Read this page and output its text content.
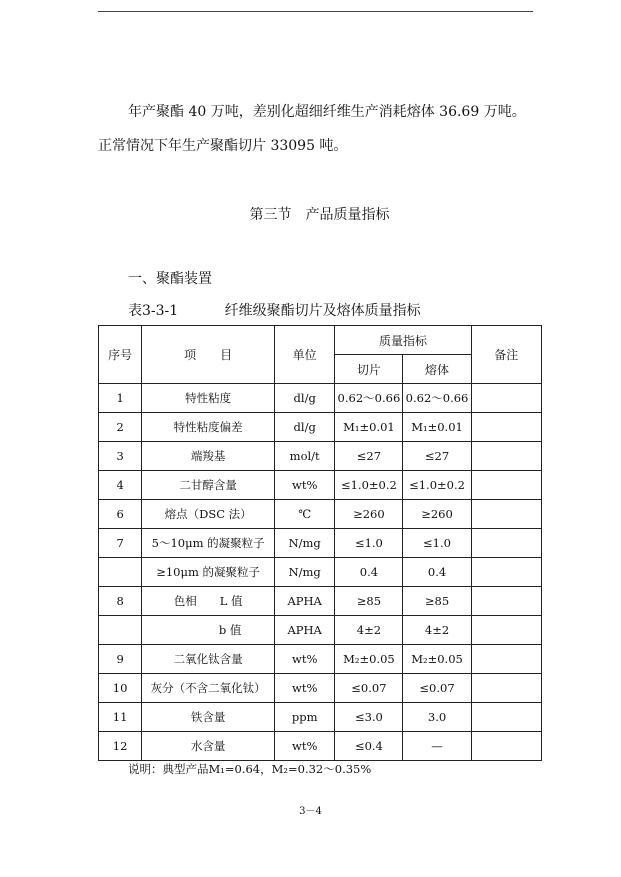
年产聚酯 40 万吨，差别化超细纤维生产消耗熔体 36.69 万吨。
正常情况下年生产聚酯切片 33095 吨。
第三节　产品质量指标
一、聚酯装置
表3-3-1	纤维级聚酯切片及熔体质量指标
序号	项　　目	单位	质量指标		备注
			切片	熔体	
1	特性粘度	dl/g	0.62～0.66	0.62～0.66	
2	特性粘度偏差	dl/g	M₁±0.01	M₁±0.01	
3	端羧基	mol/t	≤27	≤27	
4	二甘醇含量	wt%	≤1.0±0.2	≤1.0±0.2	
6	熔点（DSC 法）	℃	≥260	≥260	
7	5～10μm 的凝聚粒子	N/mg	≤1.0	≤1.0	
	≥10μm 的凝聚粒子	N/mg	0.4	0.4	
8	色相　　L 值	APHA	≥85	≥85	
	b 值	APHA	4±2	4±2	
9	二氧化钛含量	wt%	M₂±0.05	M₂±0.05	
10	灰分（不含二氧化钛）	wt%	≤0.07	≤0.07	
11	铁含量	ppm	≤3.0	3.0	
12	水含量	wt%	≤0.4	—	
说明：典型产品M₁=0.64，M₂=0.32～0.35%
3－4
